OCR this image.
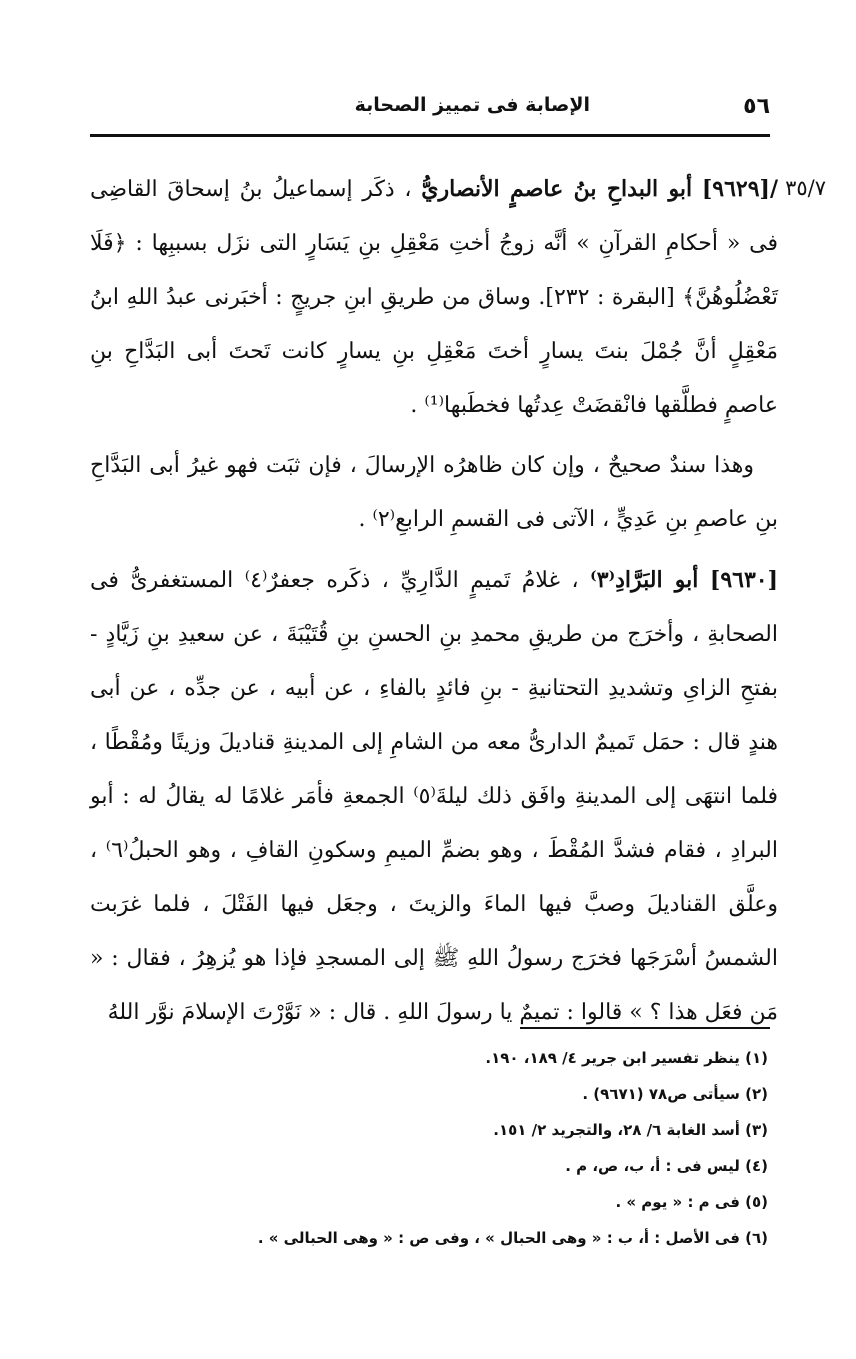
٥٦
الإصابة فى تمييز الصحابة
٣٥/٧

/[٩٦٢٩] أبو البداحِ بنُ عاصمٍ الأنصاريُّ ، ذكَر إسماعيلُ بنُ إسحاقَ القاضِى فى « أحكامِ القرآنِ » أنَّه زوجُ أختِ مَعْقِلِ بنِ يَسَارٍ التى نزَل بسببِها : ﴿فَلَا تَعْضُلُوهُنَّ﴾ [البقرة : ٢٣٢]. وساق من طريقِ ابنِ جريجٍ : أخبَرنى عبدُ اللهِ ابنُ مَعْقِلٍ أنَّ جُمْلَ بنتَ يسارٍ أختَ مَعْقِلِ بنِ يسارٍ كانت تَحتَ أبى البَدَّاحِ بنِ عاصمٍ فطلَّقها فانْقضَتْ عِدتُها فخطَبها⁽¹⁾ .

وهذا سندٌ صحيحٌ ، وإن كان ظاهرُه الإرسالَ ، فإن ثبَت فهو غيرُ أبى البَدَّاحِ بنِ عاصمِ بنِ عَدِيٍّ ، الآتى فى القسمِ الرابعِ⁽٢⁾ .

[٩٦٣٠] أبو البَرَّادِ⁽٣⁾ ، غلامُ تَميمٍ الدَّارِيِّ ، ذكَره جعفرٌ⁽٤⁾ المستغفرىُّ فى الصحابةِ ، وأخرَج من طريقِ محمدِ بنِ الحسنِ بنِ قُتَيْبَةَ ، عن سعيدِ بنِ زَيَّادٍ - بفتحِ الزاىِ وتشديدِ التحتانيةِ - بنِ فائدٍ بالفاءِ ، عن أبيه ، عن جدِّه ، عن أبى هندٍ قال : حمَل تَميمٌ الدارىُّ معه من الشامِ إلى المدينةِ قناديلَ وزيتًا ومُقْطًا ، فلما انتهَى إلى المدينةِ وافَق ذلك ليلةَ⁽٥⁾ الجمعةِ فأمَر غلامًا له يقالُ له : أبو البرادِ ، فقام فشدَّ المُقْطَ ، وهو بضمِّ الميمِ وسكونِ القافِ ، وهو الحبلُ⁽٦⁾ ، وعلَّق القناديلَ وصبَّ فيها الماءَ والزيتَ ، وجعَل فيها الفَتْلَ ، فلما غرَبت الشمسُ أسْرَجَها فخرَج رسولُ اللهِ ﷺ إلى المسجدِ فإذا هو يُزهِرُ ، فقال : « مَن فعَل هذا ؟ » قالوا : تميمٌ يا رسولَ اللهِ . قال : « نَوَّرْتَ الإسلامَ نوَّر اللهُ

(١) ينظر تفسير ابن جرير ٤/ ١٨٩، ١٩٠.
(٢) سيأتى ص٧٨ (٩٦٧١) .
(٣) أسد الغابة ٦/ ٢٨، والتجريد ٢/ ١٥١.
(٤) ليس فى : أ، ب، ص، م .
(٥) فى م : « يوم » .
(٦) فى الأصل : أ، ب : « وهى الحبال » ، وفى ص : « وهى الحبالى » .
